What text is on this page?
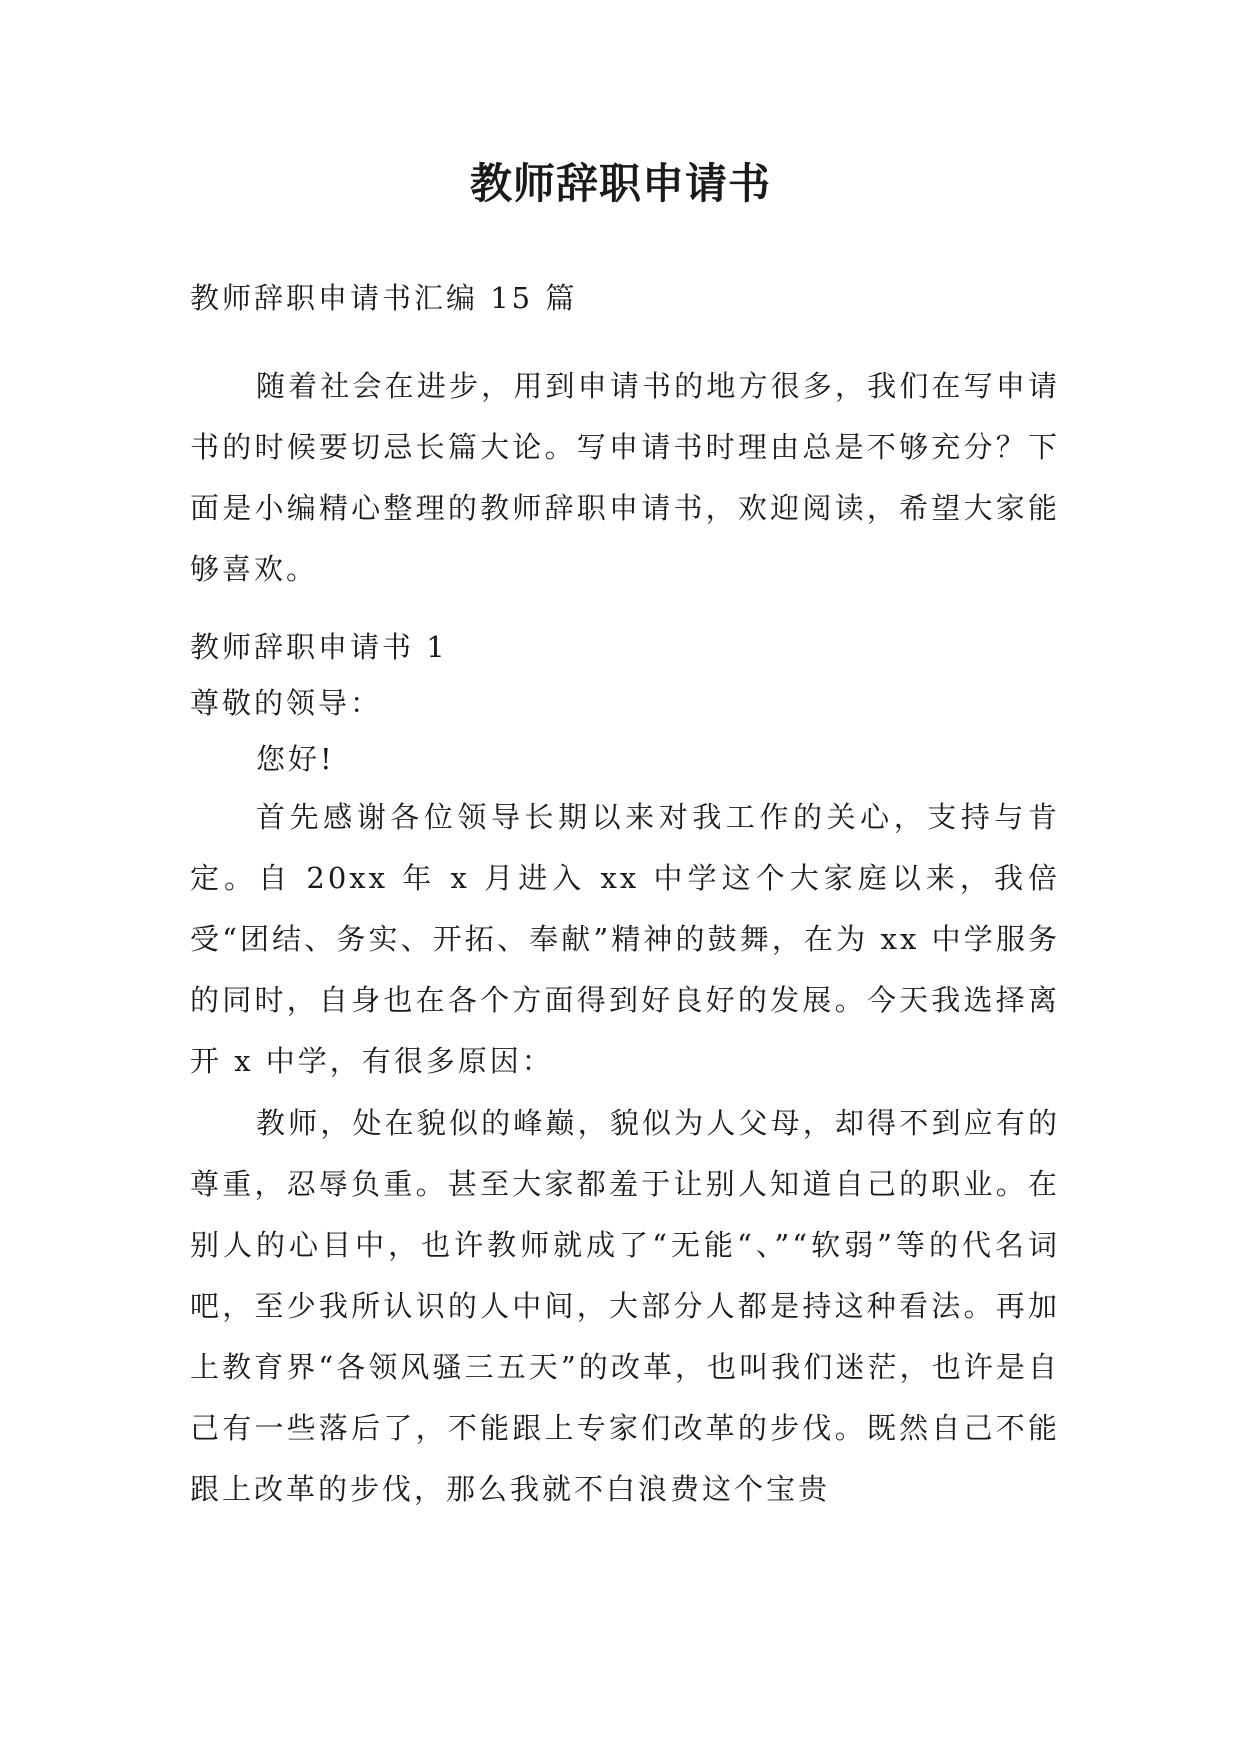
教师辞职申请书
教师辞职申请书汇编 15 篇
随着社会在进步，用到申请书的地方很多，我们在写申请书的时候要切忌长篇大论。写申请书时理由总是不够充分？下面是小编精心整理的教师辞职申请书，欢迎阅读，希望大家能够喜欢。
教师辞职申请书 1
尊敬的领导：
您好!
首先感谢各位领导长期以来对我工作的关心，支持与肯定。自 20xx 年 x 月进入 xx 中学这个大家庭以来，我倍受“团结、务实、开拓、奉献”精神的鼓舞，在为 xx 中学服务的同时，自身也在各个方面得到好良好的发展。今天我选择离开 x 中学，有很多原因：
教师，处在貌似的峰巅，貌似为人父母，却得不到应有的尊重，忍辱负重。甚至大家都羞于让别人知道自己的职业。在别人的心目中，也许教师就成了“无能“、”“软弱”等的代名词吧，至少我所认识的人中间，大部分人都是持这种看法。再加上教育界“各领风骚三五天”的改革，也叫我们迷茫，也许是自己有一些落后了，不能跟上专家们改革的步伐。既然自己不能跟上改革的步伐，那么我就不白浪费这个宝贵
